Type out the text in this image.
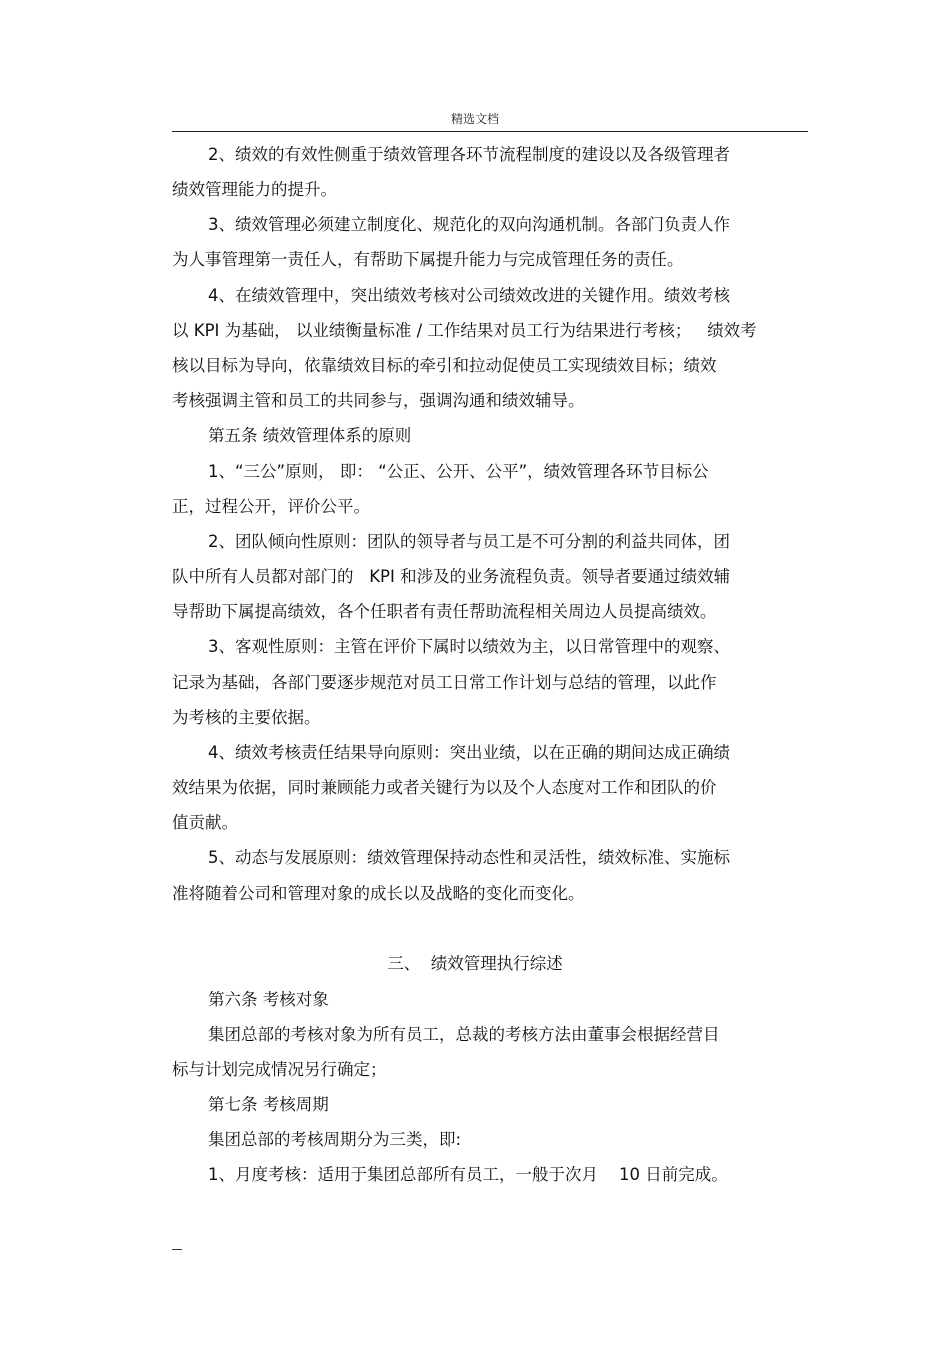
精选文档
2、绩效的有效性侧重于绩效管理各环节流程制度的建设以及各级管理者
绩效管理能力的提升。
3、绩效管理必须建立制度化、规范化的双向沟通机制。各部门负责人作
为人事管理第一责任人，有帮助下属提升能力与完成管理任务的责任。
4、在绩效管理中，突出绩效考核对公司绩效改进的关键作用。绩效考核
以 KPI 为基础， 以业绩衡量标准 / 工作结果对员工行为结果进行考核；   绩效考
核以目标为导向，依靠绩效目标的牵引和拉动促使员工实现绩效目标；绩效
考核强调主管和员工的共同参与，强调沟通和绩效辅导。
第五条 绩效管理体系的原则
1、“三公”原则， 即： “公正、公开、公平”，绩效管理各环节目标公
正，过程公开，评价公平。
2、团队倾向性原则：团队的领导者与员工是不可分割的利益共同体，团
队中所有人员都对部门的   KPI 和涉及的业务流程负责。领导者要通过绩效辅
导帮助下属提高绩效，各个任职者有责任帮助流程相关周边人员提高绩效。
3、客观性原则：主管在评价下属时以绩效为主，以日常管理中的观察、
记录为基础，各部门要逐步规范对员工日常工作计划与总结的管理，以此作
为考核的主要依据。
4、绩效考核责任结果导向原则：突出业绩，以在正确的期间达成正确绩
效结果为依据，同时兼顾能力或者关键行为以及个人态度对工作和团队的价
值贡献。
5、动态与发展原则：绩效管理保持动态性和灵活性，绩效标准、实施标
准将随着公司和管理对象的成长以及战略的变化而变化。
三、  绩效管理执行综述
第六条 考核对象
集团总部的考核对象为所有员工，总裁的考核方法由董事会根据经营目
标与计划完成情况另行确定；
第七条 考核周期
集团总部的考核周期分为三类，即:
1、月度考核：适用于集团总部所有员工，一般于次月    10 日前完成。
